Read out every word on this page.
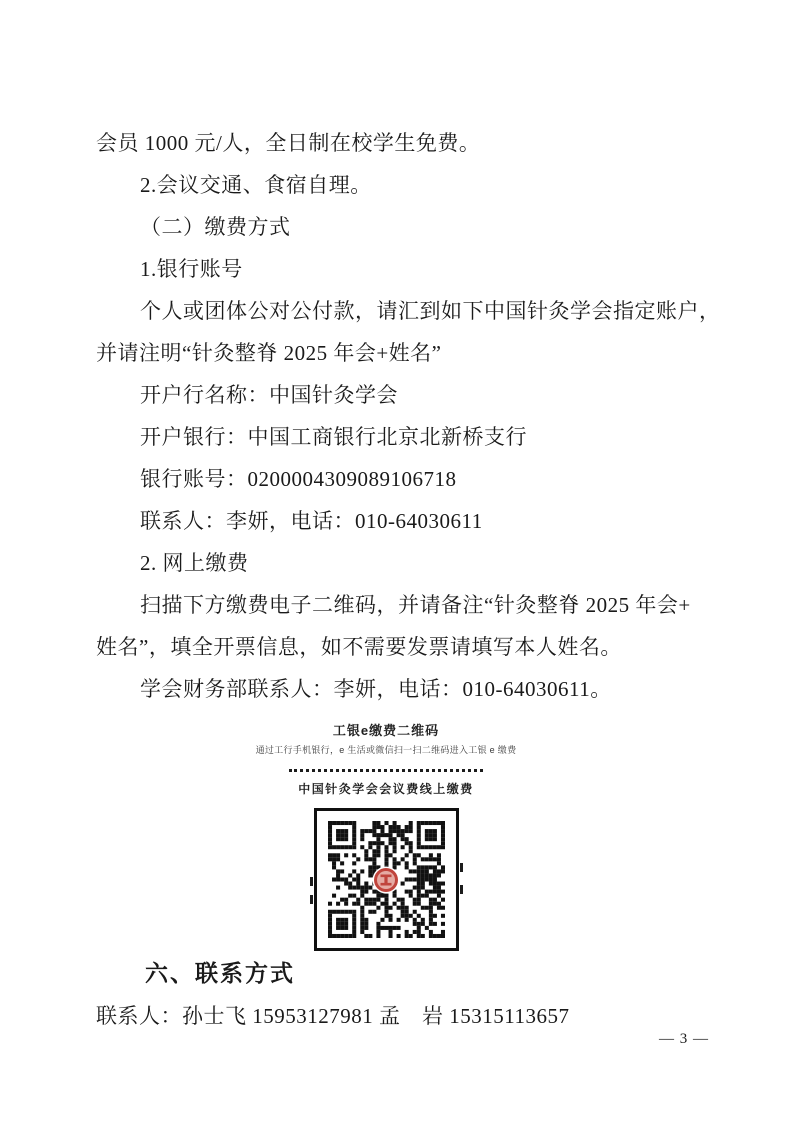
会员 1000 元/人，全日制在校学生免费。
2.会议交通、食宿自理。
（二）缴费方式
1.银行账号
个人或团体公对公付款，请汇到如下中国针灸学会指定账户，
并请注明“针灸整脊 2025 年会+姓名”
开户行名称：中国针灸学会
开户银行：中国工商银行北京北新桥支行
银行账号：0200004309089106718
联系人：李妍，电话：010-64030611
2. 网上缴费
扫描下方缴费电子二维码，并请备注“针灸整脊 2025 年会+
姓名”，填全开票信息，如不需要发票请填写本人姓名。
学会财务部联系人：李妍，电话：010-64030611。
工银e缴费二维码
通过工行手机银行，e 生活或微信扫一扫二维码进入工银 e 缴费
中国针灸学会会议费线上缴费
六、联系方式
联系人：孙士飞 15953127981 孟　岩 15315113657
— 3 —
